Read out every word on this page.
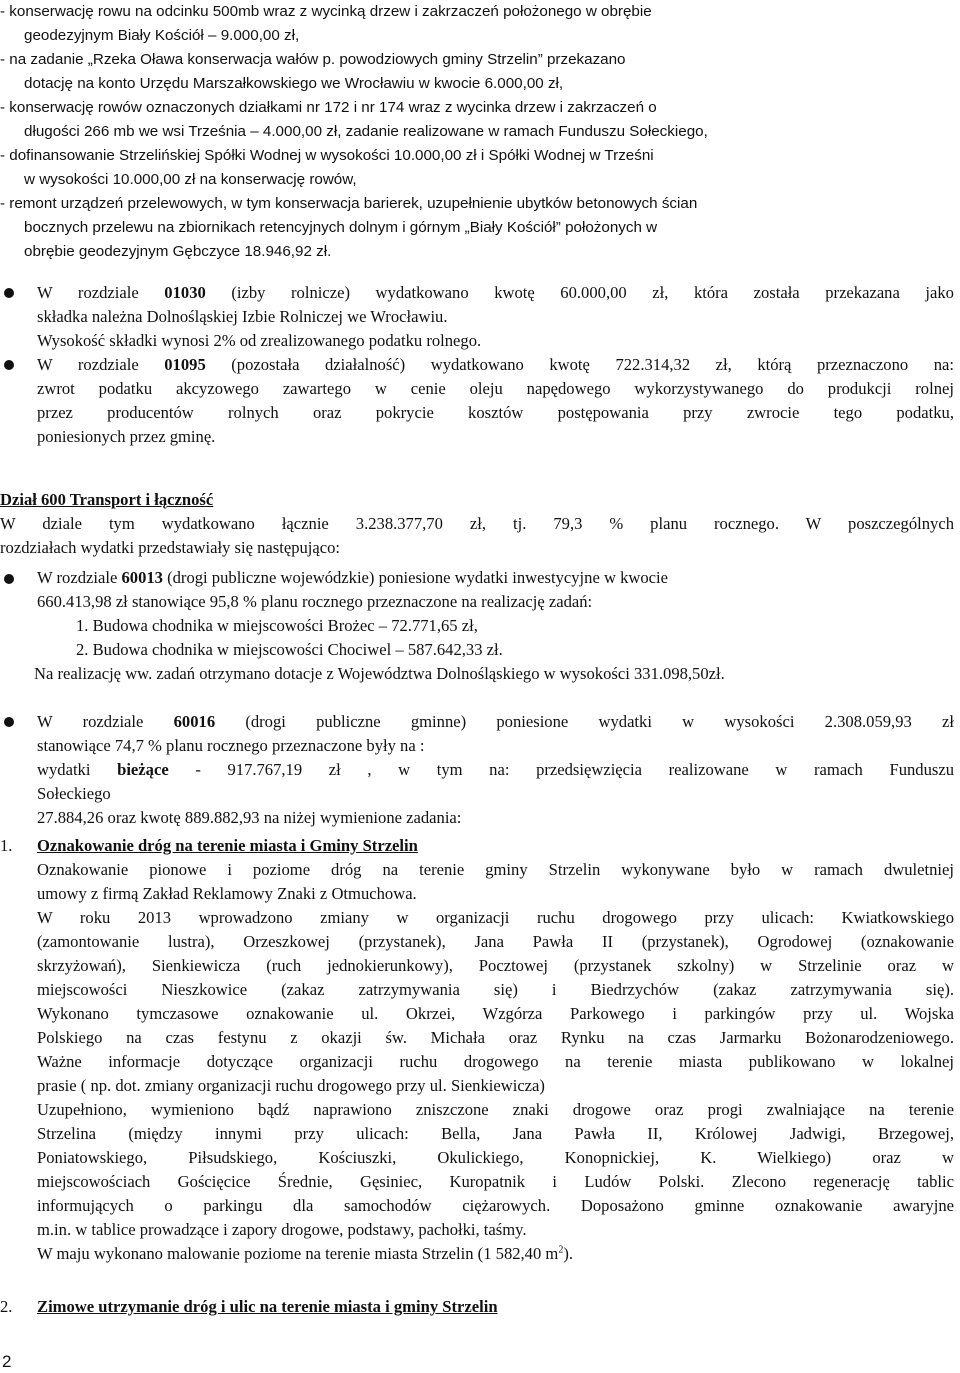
- konserwację rowu na odcinku 500mb wraz z wycinką drzew i zakrzaczeń położonego w obrębie
geodezyjnym Biały Kościół – 9.000,00 zł,
- na zadanie „Rzeka Oława konserwacja wałów p. powodziowych gminy Strzelin” przekazano
dotację na konto Urzędu Marszałkowskiego we Wrocławiu w kwocie 6.000,00 zł,
- konserwację rowów oznaczonych działkami nr 172 i nr 174 wraz z wycinka drzew i zakrzaczeń o
długości 266 mb we wsi Trześnia – 4.000,00 zł, zadanie realizowane w ramach Funduszu Sołeckiego,
- dofinansowanie Strzelińskiej Spółki Wodnej w wysokości 10.000,00 zł i Spółki Wodnej w Trześni
w wysokości 10.000,00 zł na konserwację rowów,
- remont urządzeń przelewowych, w tym konserwacja barierek, uzupełnienie ubytków betonowych ścian
bocznych przelewu na zbiornikach retencyjnych dolnym i górnym „Biały Kościół” położonych w
obrębie geodezyjnym Gębczyce 18.946,92 zł.
W rozdziale 01030 (izby rolnicze) wydatkowano kwotę 60.000,00 zł, która została przekazana jako
składka należna Dolnośląskiej Izbie Rolniczej we Wrocławiu.
Wysokość składki wynosi 2% od zrealizowanego podatku rolnego.
W rozdziale 01095 (pozostała działalność) wydatkowano kwotę 722.314,32 zł, którą przeznaczono na:
zwrot podatku akcyzowego zawartego w cenie oleju napędowego wykorzystywanego do produkcji rolnej
przez producentów rolnych oraz pokrycie kosztów postępowania przy zwrocie tego podatku,
poniesionych przez gminę.
Dział 600 Transport i łączność
W dziale tym wydatkowano łącznie 3.238.377,70 zł, tj. 79,3 % planu rocznego. W poszczególnych
rozdziałach wydatki przedstawiały się następująco:
W rozdziale 60013 (drogi publiczne wojewódzkie) poniesione wydatki inwestycyjne w kwocie
660.413,98 zł stanowiące 95,8 % planu rocznego przeznaczone na realizację zadań:
1. Budowa chodnika w miejscowości Brożec – 72.771,65 zł,
2. Budowa chodnika w miejscowości Chociwel – 587.642,33 zł.
Na realizację ww. zadań otrzymano dotacje z Województwa Dolnośląskiego w wysokości 331.098,50zł.
W rozdziale 60016 (drogi publiczne gminne) poniesione wydatki w wysokości 2.308.059,93 zł
stanowiące 74,7 % planu rocznego przeznaczone były na :
wydatki bieżące - 917.767,19 zł , w tym na: przedsięwzięcia realizowane w ramach Funduszu
Sołeckiego
27.884,26 oraz kwotę 889.882,93 na niżej wymienione zadania:
1.	Oznakowanie dróg na terenie miasta i Gminy Strzelin
Oznakowanie pionowe i poziome dróg na terenie gminy Strzelin wykonywane było w ramach dwuletniej
umowy z firmą Zakład Reklamowy Znaki z Otmuchowa.
W roku 2013 wprowadzono zmiany w organizacji ruchu drogowego przy ulicach: Kwiatkowskiego
(zamontowanie lustra), Orzeszkowej (przystanek), Jana Pawła II (przystanek), Ogrodowej (oznakowanie
skrzyżowań), Sienkiewicza (ruch jednokierunkowy), Pocztowej (przystanek szkolny) w Strzelinie oraz w
miejscowości Nieszkowice (zakaz zatrzymywania się) i Biedrzychów (zakaz zatrzymywania się).
Wykonano tymczasowe oznakowanie ul. Okrzei, Wzgórza Parkowego i parkingów przy ul. Wojska
Polskiego na czas festynu z okazji św. Michała oraz Rynku na czas Jarmarku Bożonarodzeniowego.
Ważne informacje dotyczące organizacji ruchu drogowego na terenie miasta publikowano w lokalnej
prasie ( np. dot. zmiany organizacji ruchu drogowego przy ul. Sienkiewicza)
Uzupełniono, wymieniono bądź naprawiono zniszczone znaki drogowe oraz progi zwalniające na terenie
Strzelina (między innymi przy ulicach: Bella, Jana Pawła II, Królowej Jadwigi, Brzegowej,
Poniatowskiego, Piłsudskiego, Kościuszki, Okulickiego, Konopnickiej, K. Wielkiego) oraz w
miejscowościach Gościęcice Średnie, Gęsiniec, Kuropatnik i Ludów Polski. Zlecono regenerację tablic
informujących o parkingu dla samochodów ciężarowych. Doposażono gminne oznakowanie awaryjne
m.in. w tablice prowadzące i zapory drogowe, podstawy, pachołki, taśmy.
W maju wykonano malowanie poziome na terenie miasta Strzelin (1 582,40 $m^2$).
2.	Zimowe utrzymanie dróg i ulic na terenie miasta i gminy Strzelin
2
